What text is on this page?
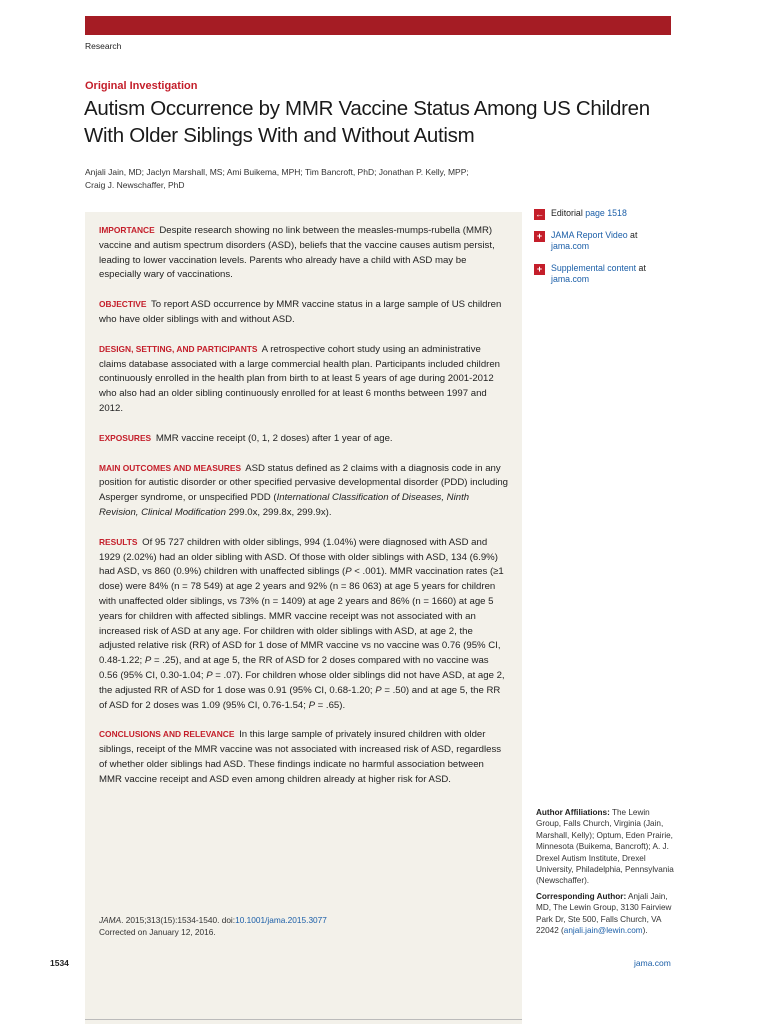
Research
Original Investigation
Autism Occurrence by MMR Vaccine Status Among US Children With Older Siblings With and Without Autism
Anjali Jain, MD; Jaclyn Marshall, MS; Ami Buikema, MPH; Tim Bancroft, PhD; Jonathan P. Kelly, MPP;
Craig J. Newschaffer, PhD

IMPORTANCE Despite research showing no link between the measles-mumps-rubella (MMR) vaccine and autism spectrum disorders (ASD), beliefs that the vaccine causes autism persist, leading to lower vaccination levels. Parents who already have a child with ASD may be especially wary of vaccinations.

OBJECTIVE To report ASD occurrence by MMR vaccine status in a large sample of US children who have older siblings with and without ASD.

DESIGN, SETTING, AND PARTICIPANTS A retrospective cohort study using an administrative claims database associated with a large commercial health plan. Participants included children continuously enrolled in the health plan from birth to at least 5 years of age during 2001-2012 who also had an older sibling continuously enrolled for at least 6 months between 1997 and 2012.

EXPOSURES MMR vaccine receipt (0, 1, 2 doses) after 1 year of age.

MAIN OUTCOMES AND MEASURES ASD status defined as 2 claims with a diagnosis code in any position for autistic disorder or other specified pervasive developmental disorder (PDD) including Asperger syndrome, or unspecified PDD (International Classification of Diseases, Ninth Revision, Clinical Modification 299.0x, 299.8x, 299.9x).

RESULTS Of 95 727 children with older siblings, 994 (1.04%) were diagnosed with ASD and 1929 (2.02%) had an older sibling with ASD. Of those with older siblings with ASD, 134 (6.9%) had ASD, vs 860 (0.9%) children with unaffected siblings (P < .001). MMR vaccination rates (≥1 dose) were 84% (n = 78 549) at age 2 years and 92% (n = 86 063) at age 5 years for children with unaffected older siblings, vs 73% (n = 1409) at age 2 years and 86% (n = 1660) at age 5 years for children with affected siblings. MMR vaccine receipt was not associated with an increased risk of ASD at any age. For children with older siblings with ASD, at age 2, the adjusted relative risk (RR) of ASD for 1 dose of MMR vaccine vs no vaccine was 0.76 (95% CI, 0.48-1.22; P = .25), and at age 5, the RR of ASD for 2 doses compared with no vaccine was 0.56 (95% CI, 0.30-1.04; P = .07). For children whose older siblings did not have ASD, at age 2, the adjusted RR of ASD for 1 dose was 0.91 (95% CI, 0.68-1.20; P = .50) and at age 5, the RR of ASD for 2 doses was 1.09 (95% CI, 0.76-1.54; P = .65).

CONCLUSIONS AND RELEVANCE In this large sample of privately insured children with older siblings, receipt of the MMR vaccine was not associated with increased risk of ASD, regardless of whether older siblings had ASD. These findings indicate no harmful association between MMR vaccine receipt and ASD even among children already at higher risk for ASD.

JAMA. 2015;313(15):1534-1540. doi:10.1001/jama.2015.3077
Corrected on January 12, 2016.
← Editorial page 1518
+	JAMA Report Video at
jama.com
+	Supplemental content at
jama.com
Author Affiliations: The Lewin Group, Falls Church, Virginia (Jain, Marshall, Kelly); Optum, Eden Prairie, Minnesota (Buikema, Bancroft); A. J. Drexel Autism Institute, Drexel University, Philadelphia, Pennsylvania (Newschaffer).
Corresponding Author: Anjali Jain, MD, The Lewin Group, 3130 Fairview Park Dr, Ste 500, Falls Church, VA 22042 (anjali.jain@lewin.com).
1534	jama.com
